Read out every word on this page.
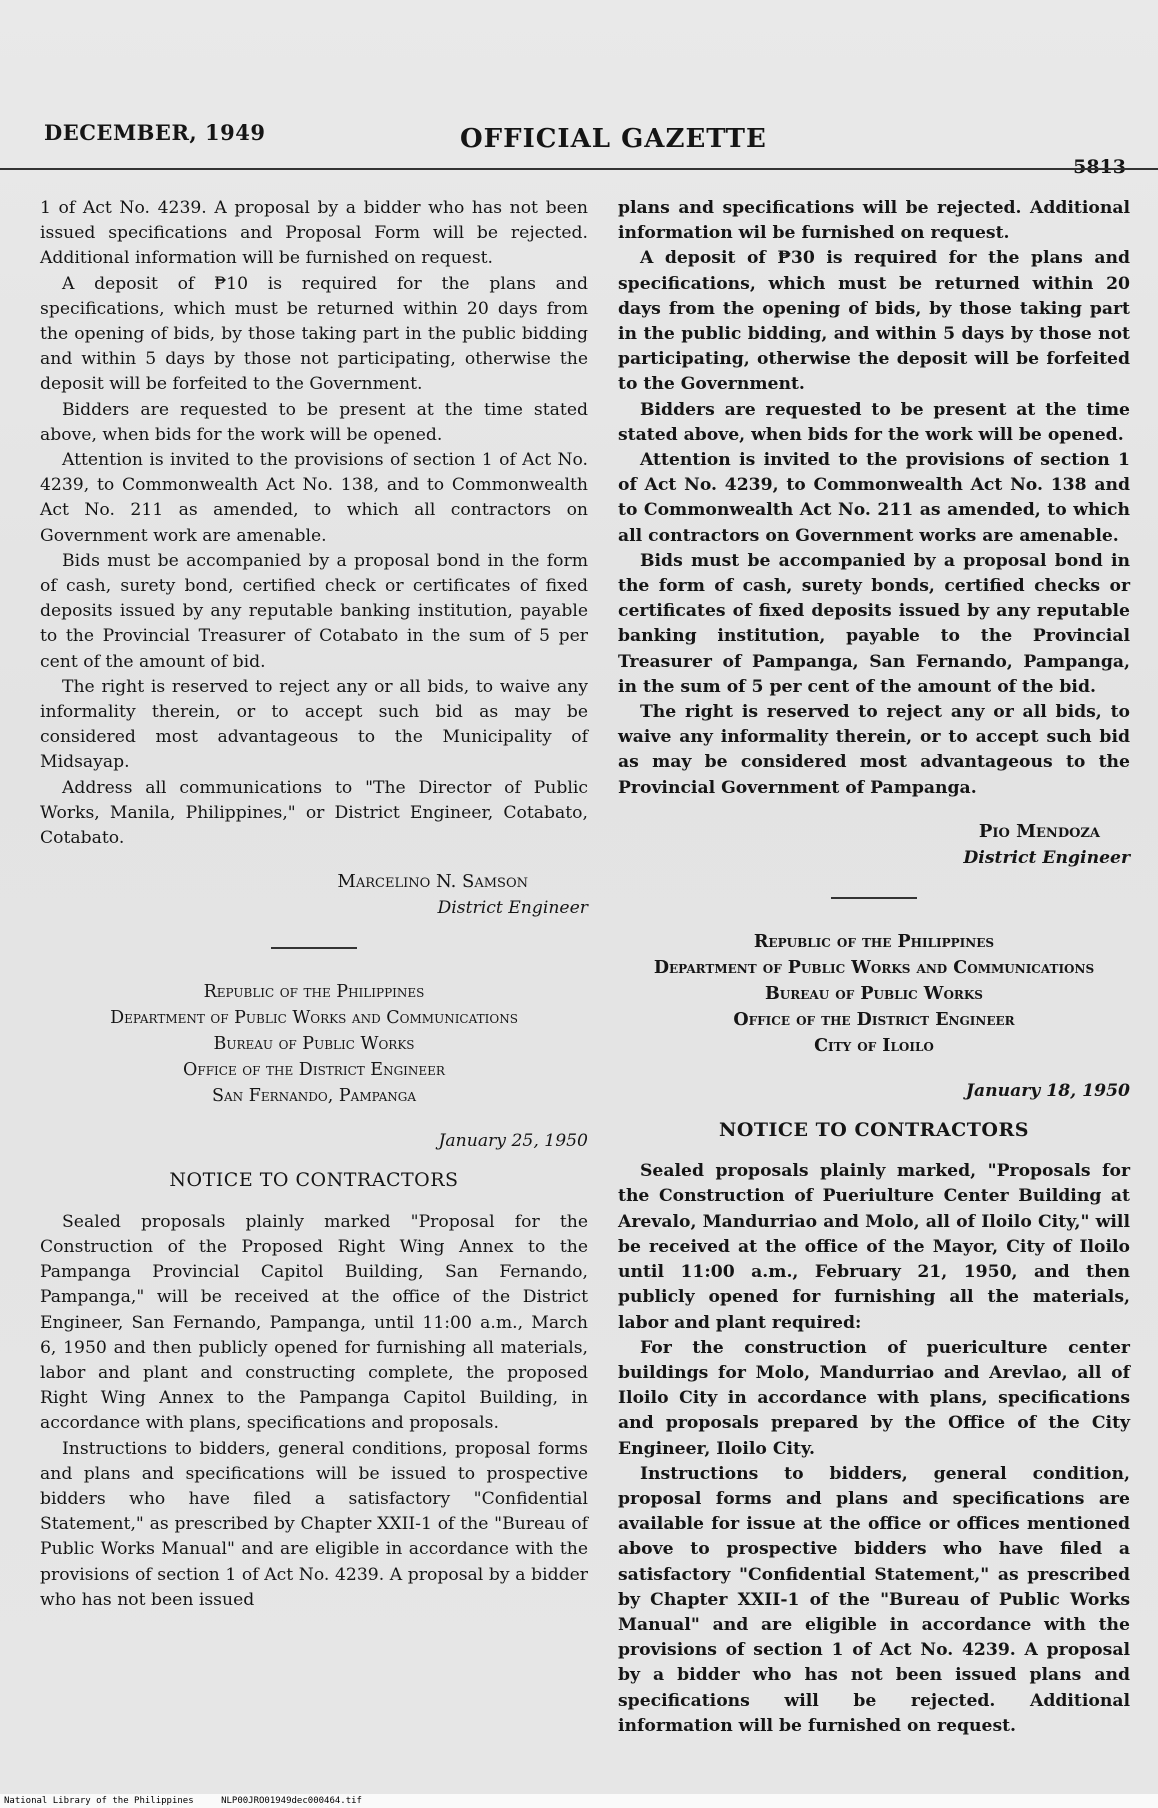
DECEMBER, 1949	OFFICIAL GAZETTE
5813

1 of Act No. 4239. A proposal by a bidder who has not been issued specifications and Proposal Form will be rejected. Additional information will be furnished on request.

A deposit of ₱10 is required for the plans and specifications, which must be returned within 20 days from the opening of bids, by those taking part in the public bidding and within 5 days by those not participating, otherwise the deposit will be forfeited to the Government.

Bidders are requested to be present at the time stated above, when bids for the work will be opened.

Attention is invited to the provisions of section 1 of Act No. 4239, to Commonwealth Act No. 138, and to Commonwealth Act No. 211 as amended, to which all contractors on Government work are amenable.

Bids must be accompanied by a proposal bond in the form of cash, surety bond, certified check or certificates of fixed deposits issued by any reputable banking institution, payable to the Provincial Treasurer of Cotabato in the sum of 5 per cent of the amount of bid.

The right is reserved to reject any or all bids, to waive any informality therein, or to accept such bid as may be considered most advantageous to the Municipality of Midsayap.

Address all communications to "The Director of Public Works, Manila, Philippines," or District Engineer, Cotabato, Cotabato.

Marcelino N. Samson
District Engineer
Republic of the Philippines
Department of Public Works and Communications
Bureau of Public Works
Office of the District Engineer
San Fernando, Pampanga
January 25, 1950
NOTICE TO CONTRACTORS

Sealed proposals plainly marked "Proposal for the Construction of the Proposed Right Wing Annex to the Pampanga Provincial Capitol Building, San Fernando, Pampanga," will be received at the office of the District Engineer, San Fernando, Pampanga, until 11:00 a.m., March 6, 1950 and then publicly opened for furnishing all materials, labor and plant and constructing complete, the proposed Right Wing Annex to the Pampanga Capitol Building, in accordance with plans, specifications and proposals.

Instructions to bidders, general conditions, proposal forms and plans and specifications will be issued to prospective bidders who have filed a satisfactory "Confidential Statement," as prescribed by Chapter XXII-1 of the "Bureau of Public Works Manual" and are eligible in accordance with the provisions of section 1 of Act No. 4239. A proposal by a bidder who has not been issued

plans and specifications will be rejected. Additional information wil be furnished on request.

A deposit of ₱30 is required for the plans and specifications, which must be returned within 20 days from the opening of bids, by those taking part in the public bidding, and within 5 days by those not participating, otherwise the deposit will be forfeited to the Government.

Bidders are requested to be present at the time stated above, when bids for the work will be opened.

Attention is invited to the provisions of section 1 of Act No. 4239, to Commonwealth Act No. 138 and to Commonwealth Act No. 211 as amended, to which all contractors on Government works are amenable.

Bids must be accompanied by a proposal bond in the form of cash, surety bonds, certified checks or certificates of fixed deposits issued by any reputable banking institution, payable to the Provincial Treasurer of Pampanga, San Fernando, Pampanga, in the sum of 5 per cent of the amount of the bid.

The right is reserved to reject any or all bids, to waive any informality therein, or to accept such bid as may be considered most advantageous to the Provincial Government of Pampanga.

Pio Mendoza
District Engineer
Republic of the Philippines
Department of Public Works and Communications
Bureau of Public Works
Office of the District Engineer
City of Iloilo
January 18, 1950
NOTICE TO CONTRACTORS

Sealed proposals plainly marked, "Proposals for the Construction of Pueriulture Center Building at Arevalo, Mandurriao and Molo, all of Iloilo City," will be received at the office of the Mayor, City of Iloilo until 11:00 a.m., February 21, 1950, and then publicly opened for furnishing all the materials, labor and plant required:

For the construction of puericulture center buildings for Molo, Mandurriao and Arevlao, all of Iloilo City in accordance with plans, specifications and proposals prepared by the Office of the City Engineer, Iloilo City.

Instructions to bidders, general condition, proposal forms and plans and specifications are available for issue at the office or offices mentioned above to prospective bidders who have filed a satisfactory "Confidential Statement," as prescribed by Chapter XXII-1 of the "Bureau of Public Works Manual" and are eligible in accordance with the provisions of section 1 of Act No. 4239. A proposal by a bidder who has not been issued plans and specifications will be rejected. Additional information will be furnished on request.

National Library of the Philippines	NLP00JRO01949dec000464.tif
